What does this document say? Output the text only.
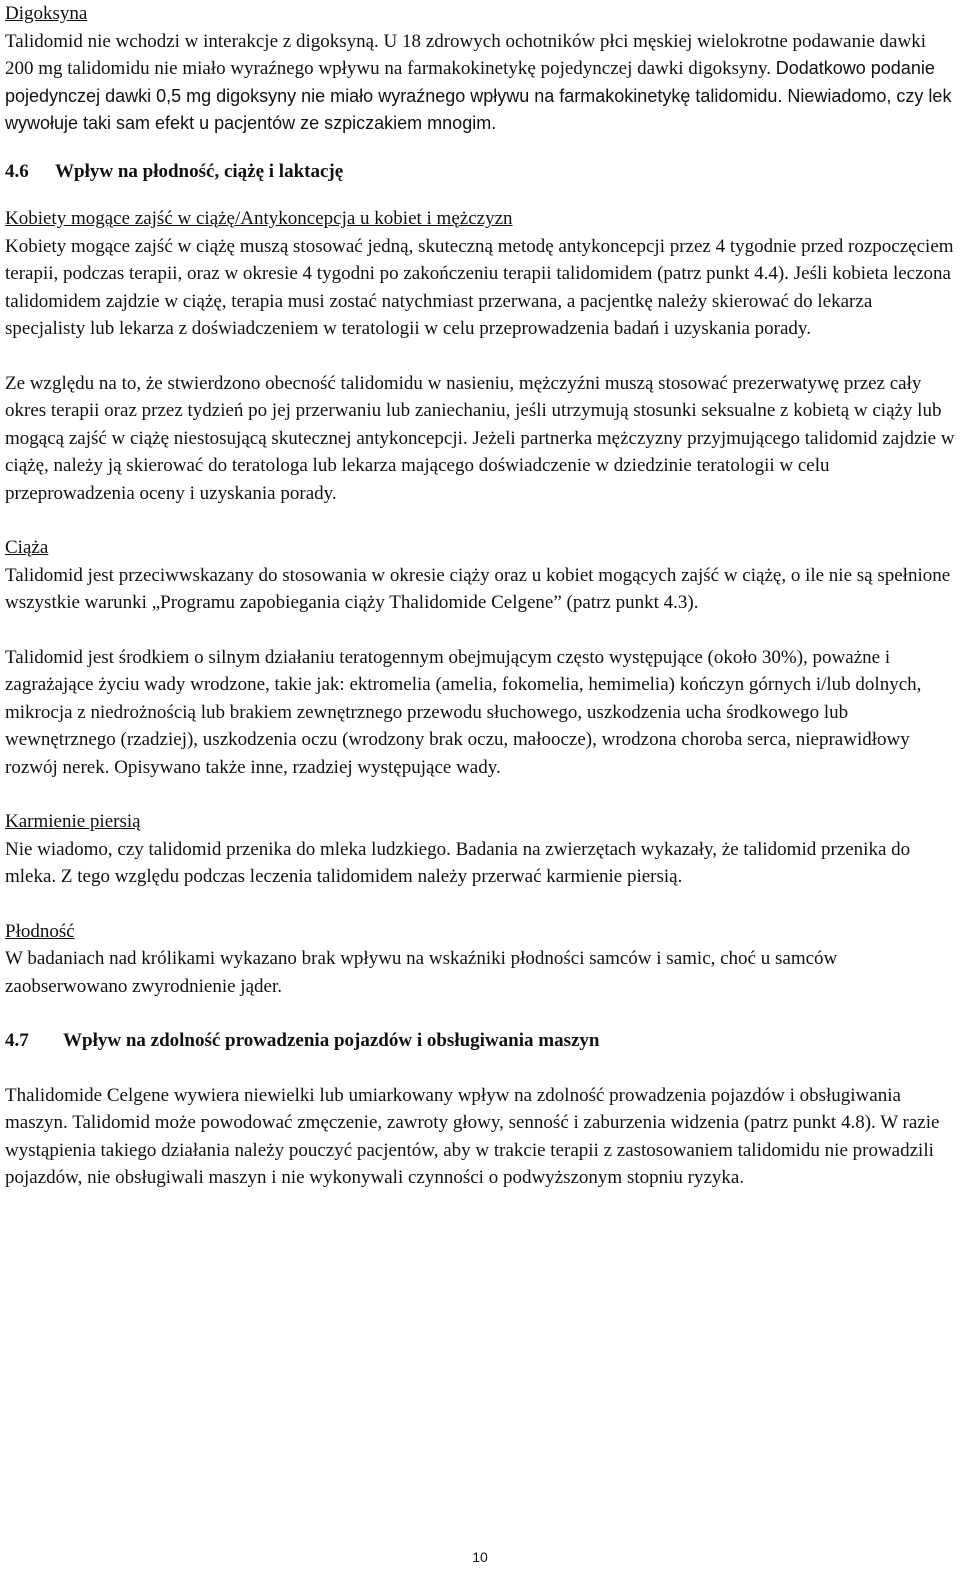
Digoksyna

Talidomid nie wchodzi w interakcje z digoksyną. U 18 zdrowych ochotników płci męskiej wielokrotne podawanie dawki 200 mg talidomidu nie miało wyraźnego wpływu na farmakokinetykę pojedynczej dawki digoksyny. Dodatkowo podanie pojedynczej dawki 0,5 mg digoksyny nie miało wyraźnego wpływu na farmakokinetykę talidomidu. Niewiadomo, czy lek wywołuje taki sam efekt u pacjentów ze szpiczakiem mnogim.

4.6 Wpływ na płodność, ciążę i laktację

Kobiety mogące zajść w ciążę/Antykoncepcja u kobiet i mężczyzn

Kobiety mogące zajść w ciążę muszą stosować jedną, skuteczną metodę antykoncepcji przez 4 tygodnie przed rozpoczęciem terapii, podczas terapii, oraz w okresie 4 tygodni po zakończeniu terapii talidomidem (patrz punkt 4.4). Jeśli kobieta leczona talidomidem zajdzie w ciążę, terapia musi zostać natychmiast przerwana, a pacjentkę należy skierować do lekarza specjalisty lub lekarza z doświadczeniem w teratologii w celu przeprowadzenia badań i uzyskania porady.

Ze względu na to, że stwierdzono obecność talidomidu w nasieniu, mężczyźni muszą stosować prezerwatywę przez cały okres terapii oraz przez tydzień po jej przerwaniu lub zaniechaniu, jeśli utrzymują stosunki seksualne z kobietą w ciąży lub mogącą zajść w ciążę niestosującą skutecznej antykoncepcji. Jeżeli partnerka mężczyzny przyjmującego talidomid zajdzie w ciążę, należy ją skierować do teratologa lub lekarza mającego doświadczenie w dziedzinie teratologii w celu przeprowadzenia oceny i uzyskania porady.

Ciąża

Talidomid jest przeciwwskazany do stosowania w okresie ciąży oraz u kobiet mogących zajść w ciążę, o ile nie są spełnione wszystkie warunki „Programu zapobiegania ciąży Thalidomide Celgene” (patrz punkt 4.3).

Talidomid jest środkiem o silnym działaniu teratogennym obejmującym często występujące (około 30%), poważne i zagrażające życiu wady wrodzone, takie jak: ektromelia (amelia, fokomelia, hemimelia) kończyn górnych i/lub dolnych, mikrocja z niedrożnością lub brakiem zewnętrznego przewodu słuchowego, uszkodzenia ucha środkowego lub wewnętrznego (rzadziej), uszkodzenia oczu (wrodzony brak oczu, małoocze), wrodzona choroba serca, nieprawidłowy rozwój nerek. Opisywano także inne, rzadziej występujące wady.

Karmienie piersią

Nie wiadomo, czy talidomid przenika do mleka ludzkiego. Badania na zwierzętach wykazały, że talidomid przenika do mleka. Z tego względu podczas leczenia talidomidem należy przerwać karmienie piersią.

Płodność

W badaniach nad królikami wykazano brak wpływu na wskaźniki płodności samców i samic, choć u samców zaobserwowano zwyrodnienie jąder.

4.7 Wpływ na zdolność prowadzenia pojazdów i obsługiwania maszyn

Thalidomide Celgene wywiera niewielki lub umiarkowany wpływ na zdolność prowadzenia pojazdów i obsługiwania maszyn. Talidomid może powodować zmęczenie, zawroty głowy, senność i zaburzenia widzenia (patrz punkt 4.8). W razie wystąpienia takiego działania należy pouczyć pacjentów, aby w trakcie terapii z zastosowaniem talidomidu nie prowadzili pojazdów, nie obsługiwali maszyn i nie wykonywali czynności o podwyższonym stopniu ryzyka.

10
